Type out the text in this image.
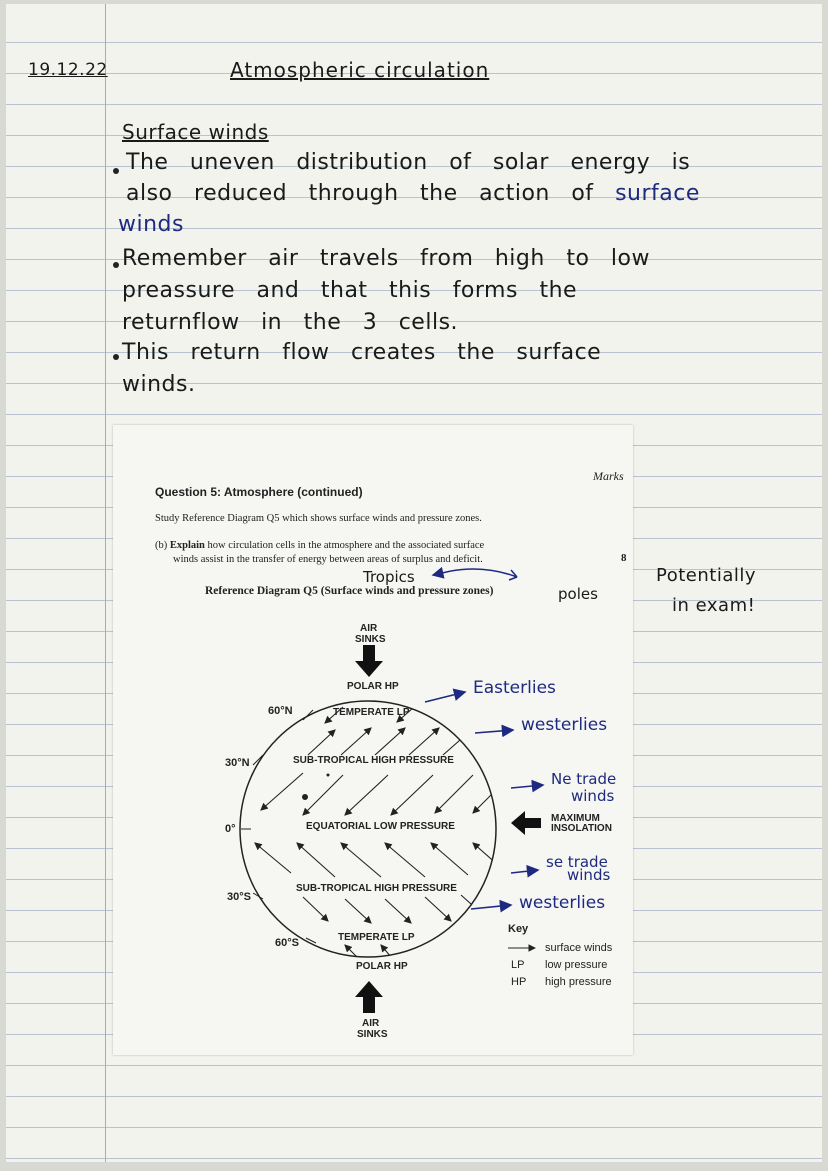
19.12.22	Atmospheric circulation
Surface winds
The uneven distribution of solar energy is
also reduced through the action of surface
winds
Remember air travels from high to low
preassure and that this forms the
returnflow in the 3 cells.
This return flow creates the surface
winds.
Marks
Question 5: Atmosphere (continued)
Study Reference Diagram Q5 which shows surface winds and pressure zones.
(b) Explain how circulation cells in the atmosphere and the associated surface
winds assist in the transfer of energy between areas of surplus and deficit.	8
Reference Diagram Q5 (Surface winds and pressure zones)
AIR
SINKS
POLAR HP
TEMPERATE LP
SUB-TROPICAL HIGH PRESSURE
EQUATORIAL LOW PRESSURE
SUB-TROPICAL HIGH PRESSURE
TEMPERATE LP
POLAR HP
AIR
SINKS
MAXIMUM
INSOLATION
60°N
30°N
0°
30°S
60°S
Key
surface winds
LP low pressure
HP high pressure
Tropics
poles
Easterlies
westerlies
Ne trade
winds
se trade
winds
westerlies
Potentially
in exam!
